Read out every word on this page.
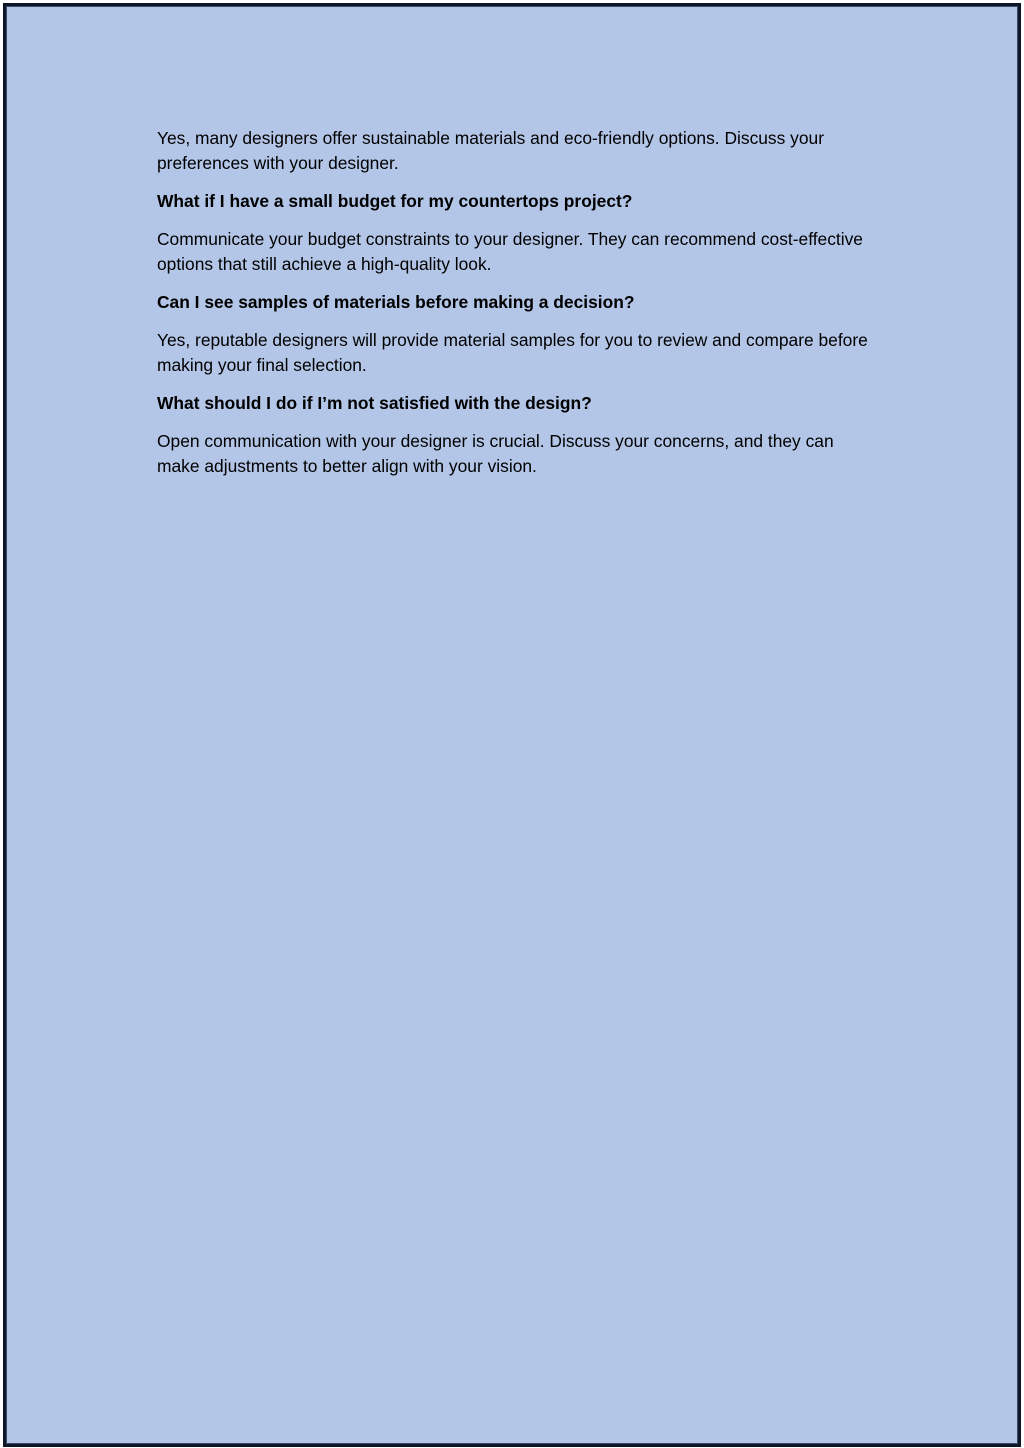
Yes, many designers offer sustainable materials and eco-friendly options. Discuss your preferences with your designer.

What if I have a small budget for my countertops project?

Communicate your budget constraints to your designer. They can recommend cost-effective options that still achieve a high-quality look.

Can I see samples of materials before making a decision?

Yes, reputable designers will provide material samples for you to review and compare before making your final selection.

What should I do if I’m not satisfied with the design?

Open communication with your designer is crucial. Discuss your concerns, and they can make adjustments to better align with your vision.
